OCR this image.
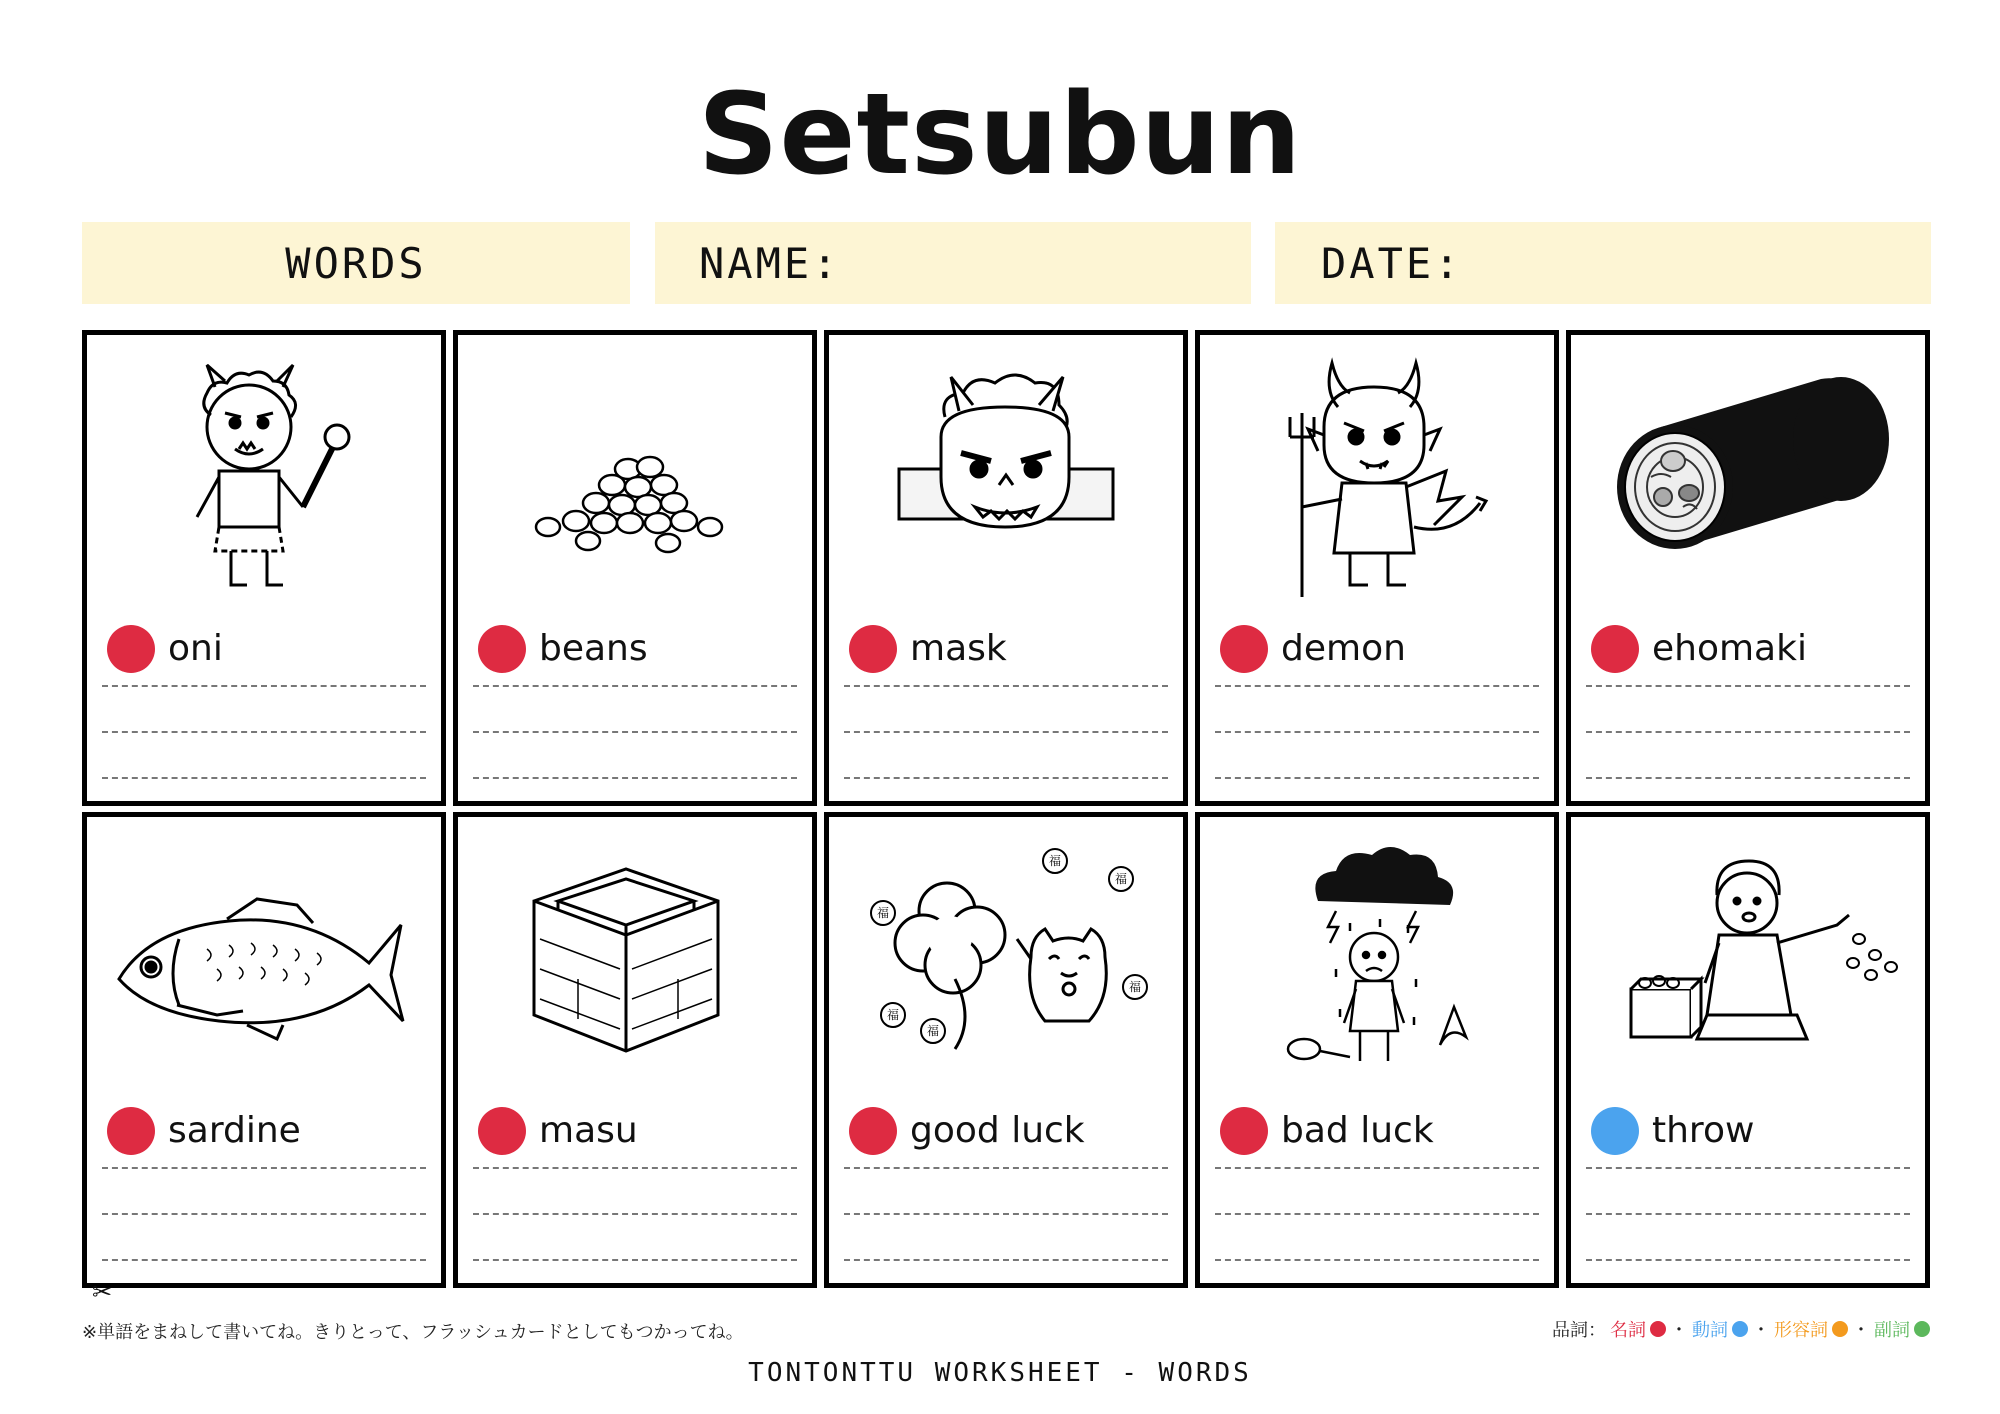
Setsubun
WORDS	NAME:	DATE:
oni	beans	mask	demon	ehomaki
sardine	masu
福
福
福
福
福
福
good luck	bad luck	throw
✂
※単語をまねして書いてね。きりとって、フラッシュカードとしてもつかってね。	品詞： 名詞 ・ 動詞 ・ 形容詞 ・ 副詞
TONTONTTU WORKSHEET - WORDS
